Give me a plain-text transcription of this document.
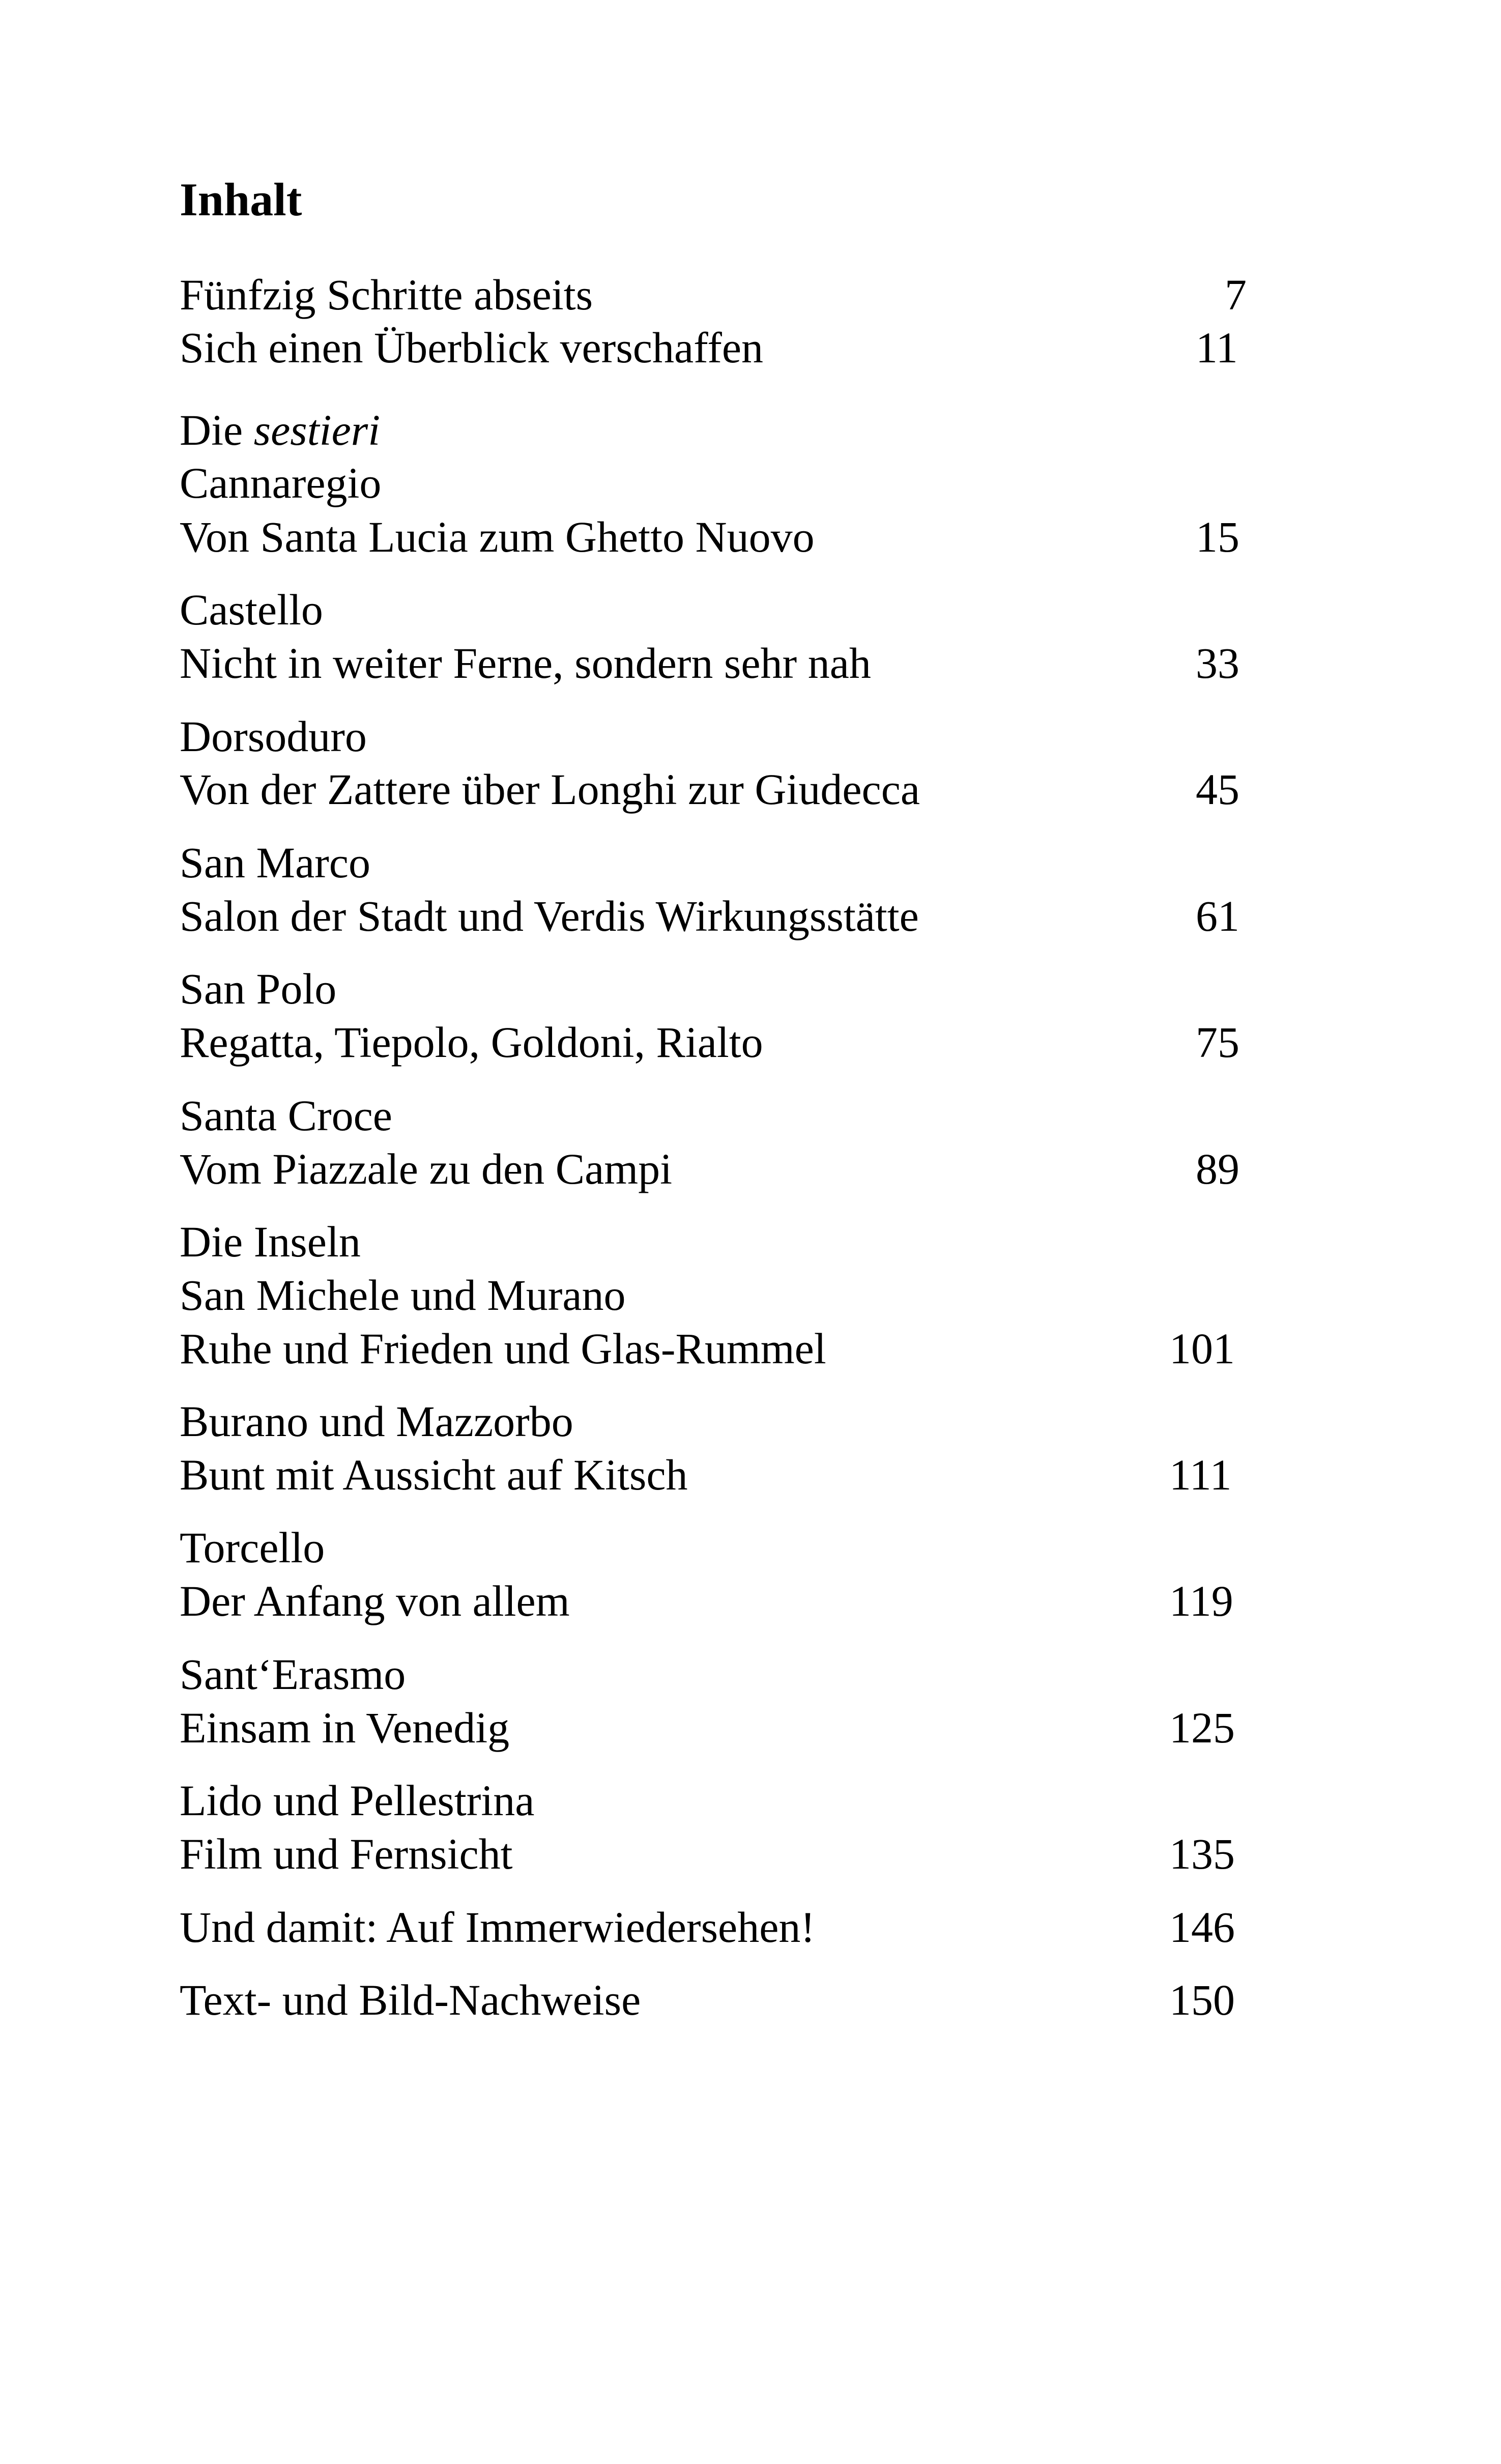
Inhalt
Fünfzig Schritte abseits	7
Sich einen Überblick verschaffen	11
Die sestieri
Cannaregio
Von Santa Lucia zum Ghetto Nuovo	15
Castello
Nicht in weiter Ferne, sondern sehr nah	33
Dorsoduro
Von der Zattere über Longhi zur Giudecca	45
San Marco
Salon der Stadt und Verdis Wirkungsstätte	61
San Polo
Regatta, Tiepolo, Goldoni, Rialto	75
Santa Croce
Vom Piazzale zu den Campi	89
Die Inseln
San Michele und Murano
Ruhe und Frieden und Glas-Rummel	101
Burano und Mazzorbo
Bunt mit Aussicht auf Kitsch	111
Torcello
Der Anfang von allem	119
Sant‘Erasmo
Einsam in Venedig	125
Lido und Pellestrina
Film und Fernsicht	135
Und damit: Auf Immerwiedersehen!	146
Text- und Bild-Nachweise	150
